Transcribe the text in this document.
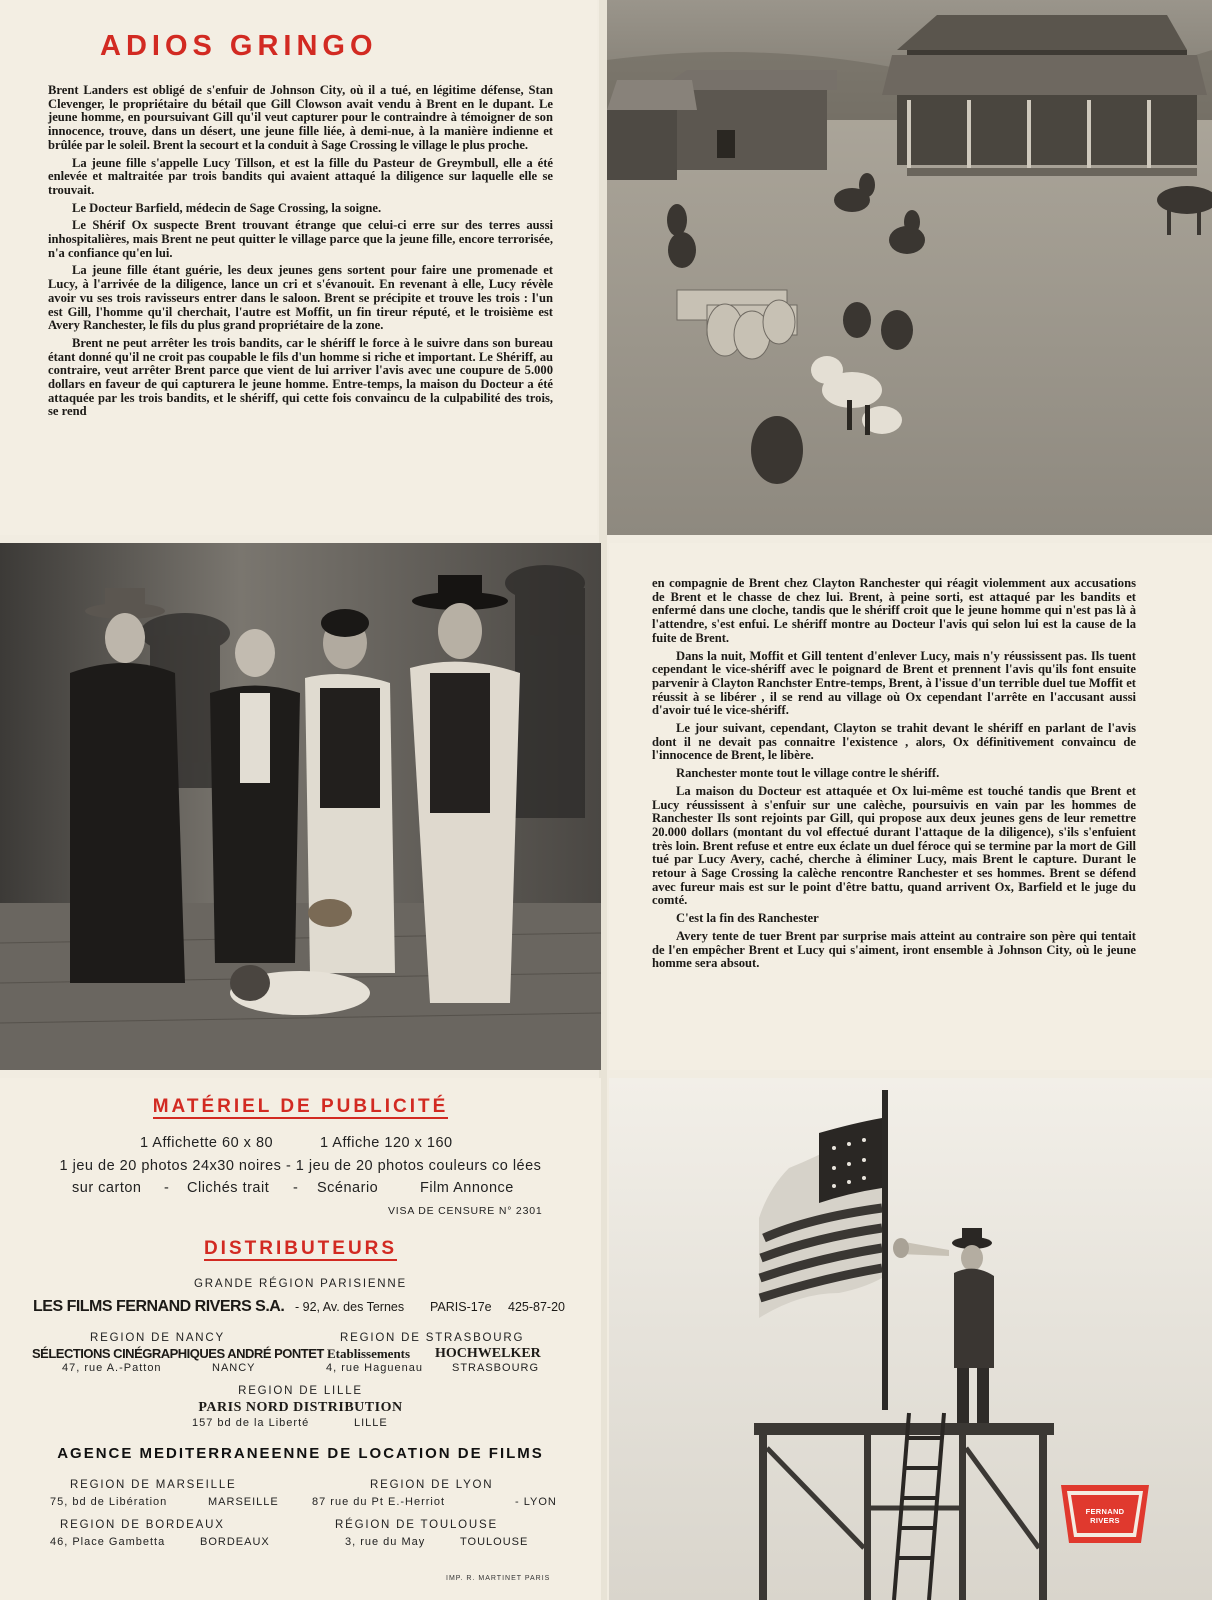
ADIOS GRINGO

Brent Landers est obligé de s'enfuir de Johnson City, où il a tué, en légitime défense, Stan Clevenger, le propriétaire du bétail que Gill Clowson avait vendu à Brent en le dupant. Le jeune homme, en poursuivant Gill qu'il veut capturer pour le contraindre à témoigner de son innocence, trouve, dans un désert, une jeune fille liée, à demi-nue, à la manière indienne et brûlée par le soleil. Brent la secourt et la conduit à Sage Crossing le village le plus proche.

La jeune fille s'appelle Lucy Tillson, et est la fille du Pasteur de Greymbull, elle a été enlevée et maltraitée par trois bandits qui avaient attaqué la diligence sur laquelle elle se trouvait.

Le Docteur Barfield, médecin de Sage Crossing, la soigne.

Le Shérif Ox suspecte Brent trouvant étrange que celui-ci erre sur des terres aussi inhospitalières, mais Brent ne peut quitter le village parce que la jeune fille, encore terrorisée, n'a confiance qu'en lui.

La jeune fille étant guérie, les deux jeunes gens sortent pour faire une promenade et Lucy, à l'arrivée de la diligence, lance un cri et s'évanouit. En revenant à elle, Lucy révèle avoir vu ses trois ravisseurs entrer dans le saloon. Brent se précipite et trouve les trois : l'un est Gill, l'homme qu'il cherchait, l'autre est Moffit, un fin tireur réputé, et le troisième est Avery Ranchester, le fils du plus grand propriétaire de la zone.

Brent ne peut arrêter les trois bandits, car le shériff le force à le suivre dans son bureau étant donné qu'il ne croit pas coupable le fils d'un homme si riche et important. Le Shériff, au contraire, veut arrêter Brent parce que vient de lui arriver l'avis avec une coupure de 5.000 dollars en faveur de qui capturera le jeune homme. Entre-temps, la maison du Docteur a été attaquée par les trois bandits, et le shériff, qui cette fois convaincu de la culpabilité des trois, se rend

en compagnie de Brent chez Clayton Ranchester qui réagit violemment aux accusations de Brent et le chasse de chez lui. Brent, à peine sorti, est attaqué par les bandits et enfermé dans une cloche, tandis que le shériff croit que le jeune homme qui n'est pas là à l'attendre, s'est enfui. Le shériff montre au Docteur l'avis qui selon lui est la cause de la fuite de Brent.

Dans la nuit, Moffit et Gill tentent d'enlever Lucy, mais n'y réussissent pas. Ils tuent cependant le vice-shériff avec le poignard de Brent et prennent l'avis qu'ils font ensuite parvenir à Clayton Ranchster Entre-temps, Brent, à l'issue d'un terrible duel tue Moffit et réussit à se libérer , il se rend au village où Ox cependant l'arrête en l'accusant aussi d'avoir tué le vice-shériff.

Le jour suivant, cependant, Clayton se trahit devant le shériff en parlant de l'avis dont il ne devait pas connaitre l'existence , alors, Ox définitivement convaincu de l'innocence de Brent, le libère.

Ranchester monte tout le village contre le shériff.

La maison du Docteur est attaquée et Ox lui-même est touché tandis que Brent et Lucy réussissent à s'enfuir sur une calèche, poursuivis en vain par les hommes de Ranchester Ils sont rejoints par Gill, qui propose aux deux jeunes gens de leur remettre 20.000 dollars (montant du vol effectué durant l'attaque de la diligence), s'ils s'enfuient très loin. Brent refuse et entre eux éclate un duel féroce qui se termine par la mort de Gill tué par Lucy Avery, caché, cherche à éliminer Lucy, mais Brent le capture. Durant le retour à Sage Crossing la calèche rencontre Ranchester et ses hommes. Brent se défend avec fureur mais est sur le point d'être battu, quand arrivent Ox, Barfield et le juge du comté.

C'est la fin des Ranchester

Avery tente de tuer Brent par surprise mais atteint au contraire son père qui tentait de l'en empêcher Brent et Lucy qui s'aiment, iront ensemble à Johnson City, où le jeune homme sera absout.

MATÉRIEL DE PUBLICITÉ
1 Affichette 60 x 80	1 Affiche 120 x 160
1 jeu de 20 photos 24x30 noires - 1 jeu de 20 photos couleurs co lées
sur carton - Clichés trait - Scénario	Film Annonce
VISA DE CENSURE N° 2301
DISTRIBUTEURS
GRANDE RÉGION PARISIENNE
LES FILMS FERNAND RIVERS S.A. - 92, Av. des Ternes PARIS-17e 425-87-20
REGION DE NANCY
SÉLECTIONS CINÉGRAPHIQUES ANDRÉ PONTET
47, rue A.-Patton	NANCY
REGION DE STRASBOURG
Etablissements HOCHWELKER
4, rue Haguenau	STRASBOURG
REGION DE LILLE
PARIS NORD DISTRIBUTION
157 bd de la Liberté	LILLE
AGENCE MEDITERRANEENNE DE LOCATION DE FILMS
REGION DE MARSEILLE
75, bd de Libération	MARSEILLE
REGION DE LYON
87 rue du Pt E.-Herriot	- LYON
REGION DE BORDEAUX
46, Place Gambetta	BORDEAUX
RÉGION DE TOULOUSE
3, rue du May	TOULOUSE
IMP. R. MARTINET PARIS
FERNAND RIVERS
